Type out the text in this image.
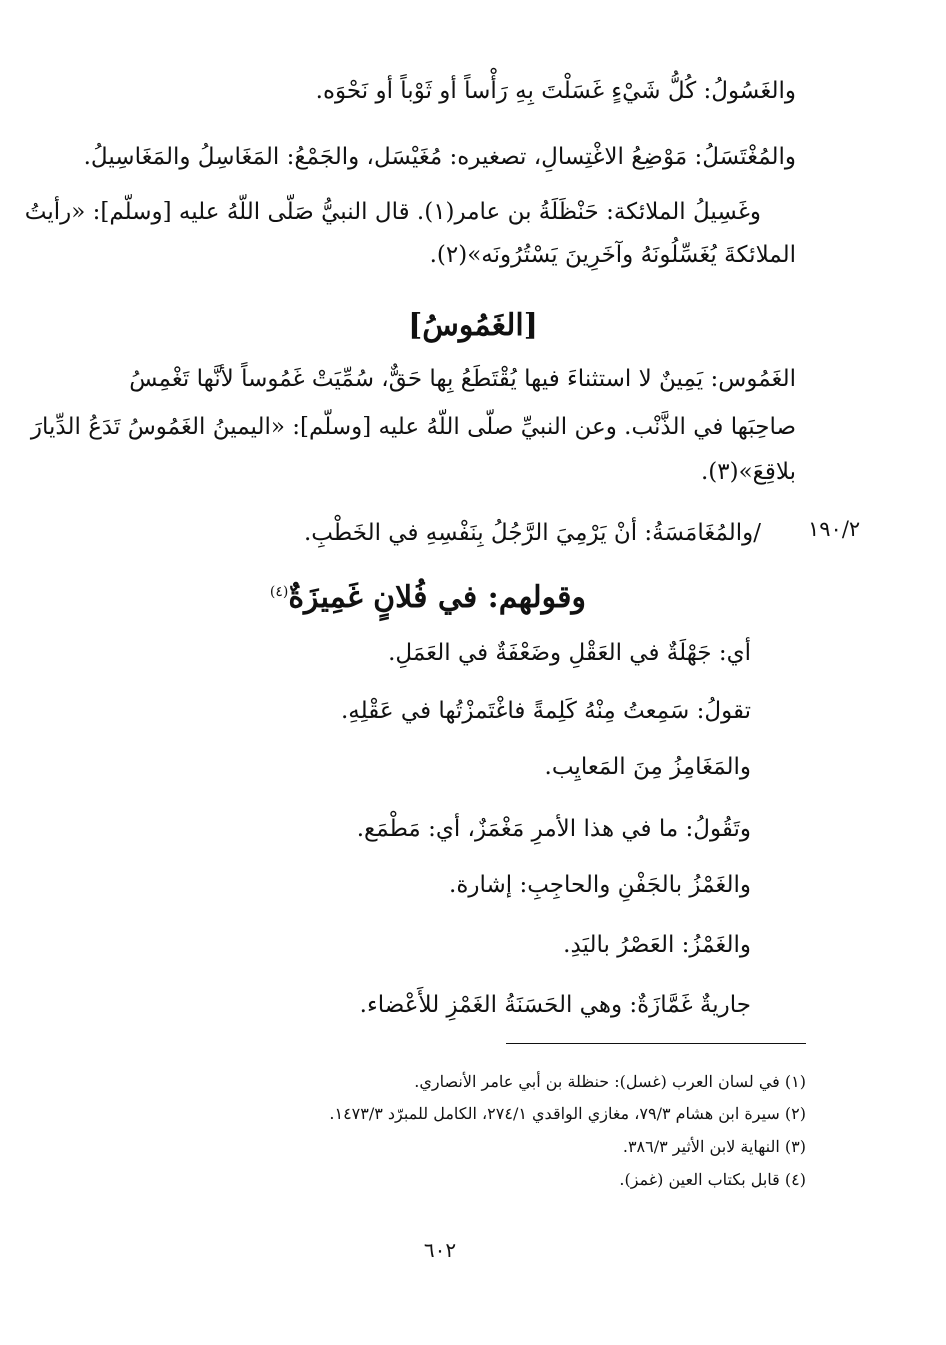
والغَسُولُ: كُلُّ شَيْءٍ غَسَلْتَ بِهِ رَأْساً أو ثَوْباً أو نَحْوَه.
والمُغْتَسَلُ: مَوْضِعُ الاغْتِسالِ، تصغيره: مُغَيْسَل، والجَمْعُ: المَغَاسِلُ والمَغَاسِيلُ.
وغَسِيلُ الملائكة: حَنْظَلَةُ بن عامر(١). قال النبيُّ صَلّى اللّهُ عليه [وسلّم]: «رأيتُ
الملائكةَ يُغَسِّلُونَهُ وآخَرِينَ يَسْتُرُونَه»(٢).
[الغَمُوسُ]
الغَمُوس: يَمِينٌ لا استثناءَ فيها يُقْتَطَعُ بِها حَقٌّ، سُمِّيَتْ غَمُوساً لأنَّها تَغْمِسُ
صاحِبَها في الذَّنْب. وعن النبيِّ صلّى اللّهُ عليه [وسلّم]: «اليمينُ الغَمُوسُ تَدَعُ الدِّيارَ
بلاقِعَ»(٣).
١٩٠/٢
/والمُغَامَسَةُ: أنْ يَرْمِيَ الرَّجُلُ بِنَفْسِهِ في الخَطْبِ.
وقولهم: في فُلانٍ غَمِيزَةٌ$^{(٤)}$
أي: جَهْلَةٌ في العَقْلِ وضَعْفَةٌ في العَمَلِ.
تقولُ: سَمِعتُ مِنْهُ كَلِمةً فاغْتَمزْتُها في عَقْلِهِ.
والمَغَامِزُ مِنَ المَعايِب.
وتَقُولُ: ما في هذا الأمرِ مَغْمَزٌ، أي: مَطْمَع.
والغَمْزُ بالجَفْنِ والحاجِبِ: إشارة.
والغَمْزُ: العَصْرُ باليَدِ.
جاريةٌ غَمَّازَةٌ: وهي الحَسَنَةُ الغَمْزِ للأَعْضاء.
(١) في لسان العرب (غسل): حنظلة بن أبي عامر الأنصاري.
(٢) سيرة ابن هشام ٧٩/٣، مغازي الواقدي ٢٧٤/١، الكامل للمبرّد ١٤٧٣/٣.
(٣) النهاية لابن الأثير ٣٨٦/٣.
(٤) قابل بكتاب العين (غمز).
٦٠٢
